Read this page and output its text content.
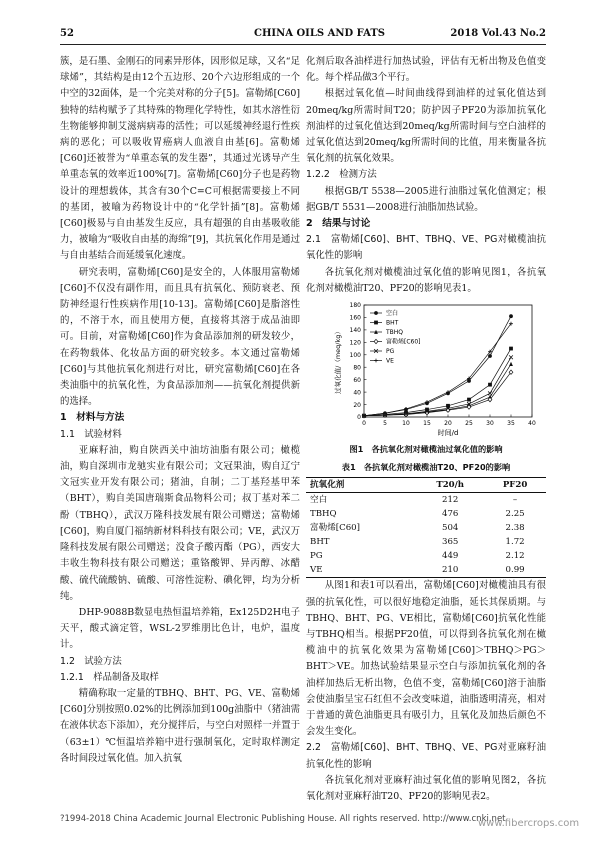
52	CHINA OILS AND FATS	2018 Vol.43 No.2

簇，是石墨、金刚石的同素异形体，因形似足球，又名“足球烯”，其结构是由12个五边形、20个六边形组成的一个中空的32面体，是一个完美对称的分子[5]。富勒烯[C60]独特的结构赋予了其特殊的物理化学特性，如其水溶性衍生物能够抑制艾滋病病毒的活性；可以延缓神经退行性疾病的恶化；可以吸收胃癌病人血液自由基[6]。富勒烯[C60]还被誉为“单重态氧的发生器”，其通过光诱导产生单重态氧的效率近100%[7]。富勒烯[C60]分子也是药物设计的理想载体，其含有30个C=C可根据需要接上不同的基团，被喻为药物设计中的“化学针插”[8]。富勒烯[C60]极易与自由基发生反应，具有超强的自由基吸收能力，被喻为“吸收自由基的海绵”[9]，其抗氧化作用是通过与自由基结合而延缓氧化速度。

研究表明，富勒烯[C60]是安全的，人体服用富勒烯[C60]不仅没有副作用，而且具有抗氧化、预防衰老、预防神经退行性疾病作用[10-13]。富勒烯[C60]是脂溶性的，不溶于水，而且使用方便，直接将其溶于成品油即可。目前，对富勒烯[C60]作为食品添加剂的研发较少，在药物载体、化妆品方面的研究较多。本文通过富勒烯[C60]与其他抗氧化剂进行对比，研究富勒烯[C60]在各类油脂中的抗氧化性，为食品添加剂——抗氧化剂提供新的选择。

1　材料与方法
1.1　试验材料

亚麻籽油，购自陕西关中油坊油脂有限公司；橄榄油，购自深圳市龙驰实业有限公司；文冠果油，购自辽宁文冠实业开发有限公司；猪油，自制；二丁基羟基甲苯（BHT），购自美国唐瑞斯食品物料公司；叔丁基对苯二酚（TBHQ），武汉万隆科技发展有限公司赠送；富勒烯[C60]，购自厦门福纳新材料科技有限公司；VE，武汉万隆科技发展有限公司赠送；没食子酸丙酯（PG），西安大丰收生物科技有限公司赠送；重铬酸钾、异丙醇、冰醋酸、硫代硫酸钠、硫酸、可溶性淀粉、碘化钾，均为分析纯。

DHP-9088B数显电热恒温培养箱，Ex125D2H电子天平，酸式滴定管，WSL-2罗维朋比色计，电炉，温度计。

1.2　试验方法
1.2.1　样品制备及取样

精确称取一定量的TBHQ、BHT、PG、VE、富勒烯[C60]分别按照0.02%的比例添加到100g油脂中（猪油需在液体状态下添加），充分搅拌后，与空白对照样一并置于（63±1）℃恒温培养箱中进行强制氧化，定时取样测定各时间段过氧化值。加入抗氧

化剂后取各油样进行加热试验，评估有无析出物及色值变化。每个样品做3个平行。

根据过氧化值—时间曲线得到油样的过氧化值达到20meq/kg所需时间T20；防护因子PF20为添加抗氧化剂油样的过氧化值达到20meq/kg所需时间与空白油样的过氧化值达到20meq/kg所需时间的比值，用来衡量各抗氧化剂的抗氧化效果。

1.2.2　检测方法

根据GB/T 5538—2005进行油脂过氧化值测定；根据GB/T 5531—2008进行油脂加热试验。

2　结果与讨论
2.1　富勒烯[C60]、BHT、TBHQ、VE、PG对橄榄油抗氧化性的影响

各抗氧化剂对橄榄油过氧化值的影响见图1，各抗氧化剂对橄榄油T20、PF20的影响见表1。

0
20
40
60
80
100
120
140
160
180
0	5	10 15 20 25 30 35 40
时间/d
过氧化值/（meq/kg）
空白
BHT
TBHQ
富勒烯[C60]
PG
VE
图1　各抗氧化剂对橄榄油过氧化值的影响
表1　各抗氧化剂对橄榄油T20、PF20的影响
抗氧化剂	T20/h	PF20
空白	212	–
TBHQ	476	2.25
富勒烯[C60]	504	2.38
BHT	365	1.72
PG	449	2.12
VE	210	0.99

从图1和表1可以看出，富勒烯[C60]对橄榄油具有很强的抗氧化性，可以很好地稳定油脂，延长其保质期。与TBHQ、BHT、PG、VE相比，富勒烯[C60]抗氧化性能与TBHQ相当。根据PF20值，可以得到各抗氧化剂在橄榄油中的抗氧化效果为富勒烯[C60]＞TBHQ＞PG＞BHT＞VE。加热试验结果显示空白与添加抗氧化剂的各油样加热后无析出物，色值不变，富勒烯[C60]溶于油脂会使油脂呈宝石红但不会改变味道，油脂透明清亮，相对于普通的黄色油脂更具有吸引力，且氧化及加热后颜色不会发生变化。

2.2　富勒烯[C60]、BHT、TBHQ、VE、PG对亚麻籽油抗氧化性的影响

各抗氧化剂对亚麻籽油过氧化值的影响见图2，各抗氧化剂对亚麻籽油T20、PF20的影响见表2。

?1994-2018 China Academic Journal Electronic Publishing House. All rights reserved. http://www.cnki.net
www.fibercrops.com
